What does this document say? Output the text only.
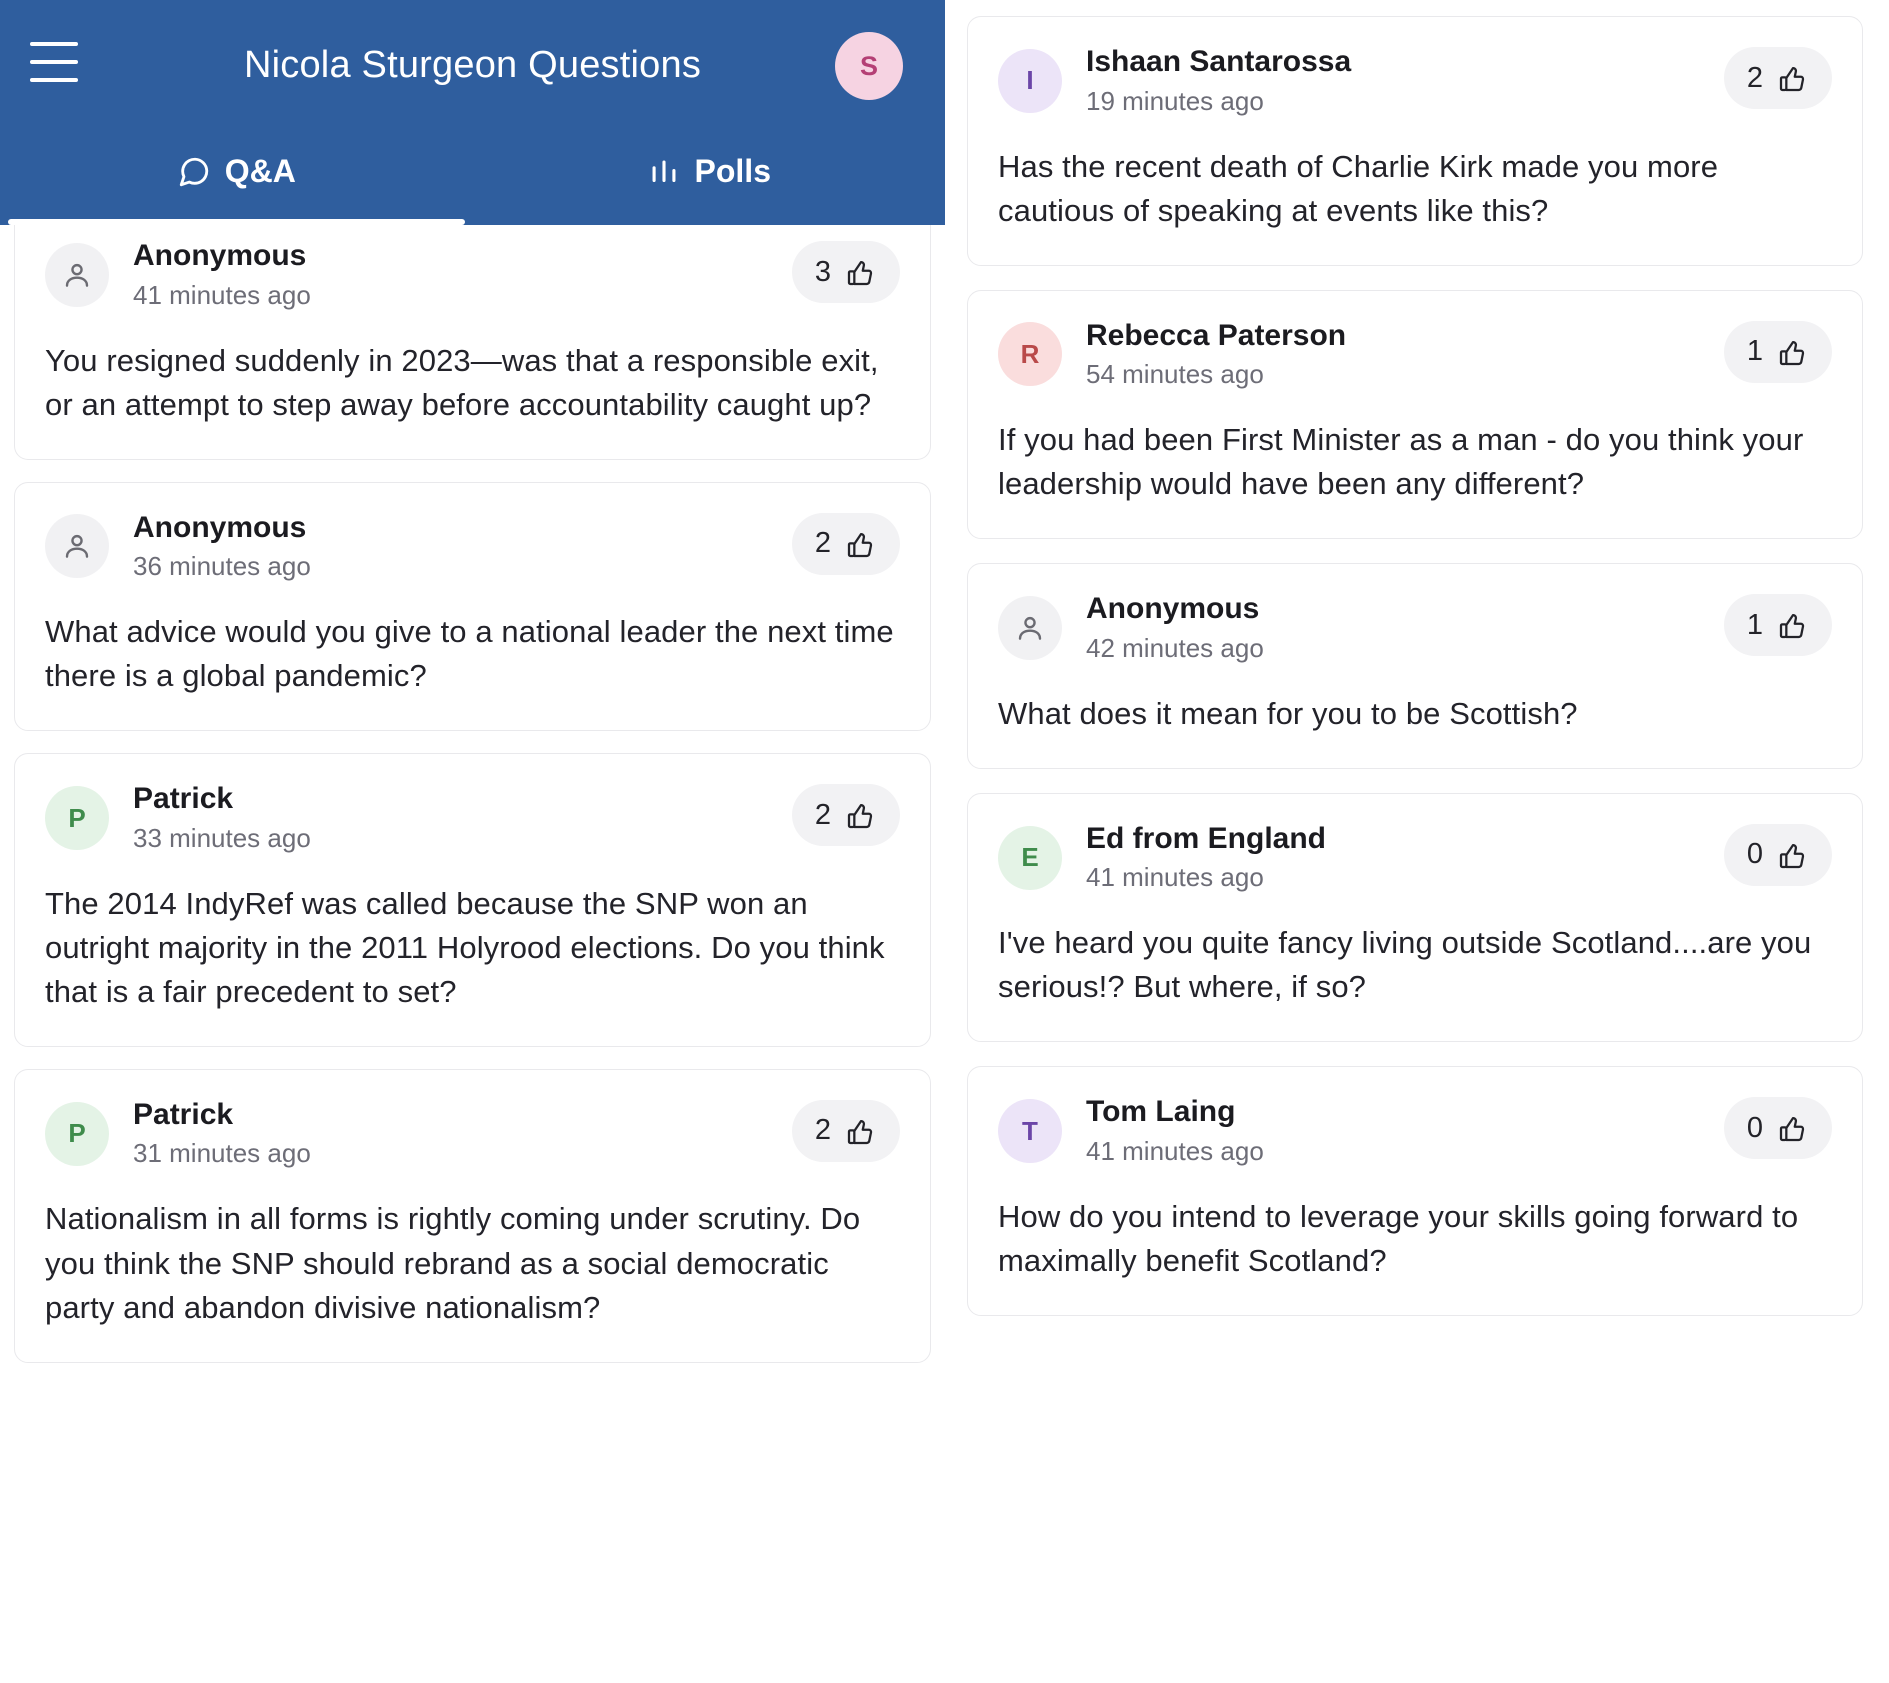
Nicola Sturgeon Questions	S
Q&A	Polls
Anonymous
41 minutes ago
3
You resigned suddenly in 2023—was that a responsible exit, or an attempt to step away before accountability caught up?
Anonymous
36 minutes ago
2
What advice would you give to a national leader the next time there is a global pandemic?
P
Patrick
33 minutes ago
2
The 2014 IndyRef was called because the SNP won an outright majority in the 2011 Holyrood elections. Do you think that is a fair precedent to set?
P
Patrick
31 minutes ago
2
Nationalism in all forms is rightly coming under scrutiny. Do you think the SNP should rebrand as a social democratic party and abandon divisive nationalism?
I
Ishaan Santarossa
19 minutes ago
2
Has the recent death of Charlie Kirk made you more cautious of speaking at events like this?
R
Rebecca Paterson
54 minutes ago
1
If you had been First Minister as a man - do you think your leadership would have been any different?
Anonymous
42 minutes ago
1
What does it mean for you to be Scottish?
E
Ed from England
41 minutes ago
0
I've heard you quite fancy living outside Scotland....are you serious!? But where, if so?
T
Tom Laing
41 minutes ago
0
How do you intend to leverage your skills going forward to maximally benefit Scotland?
